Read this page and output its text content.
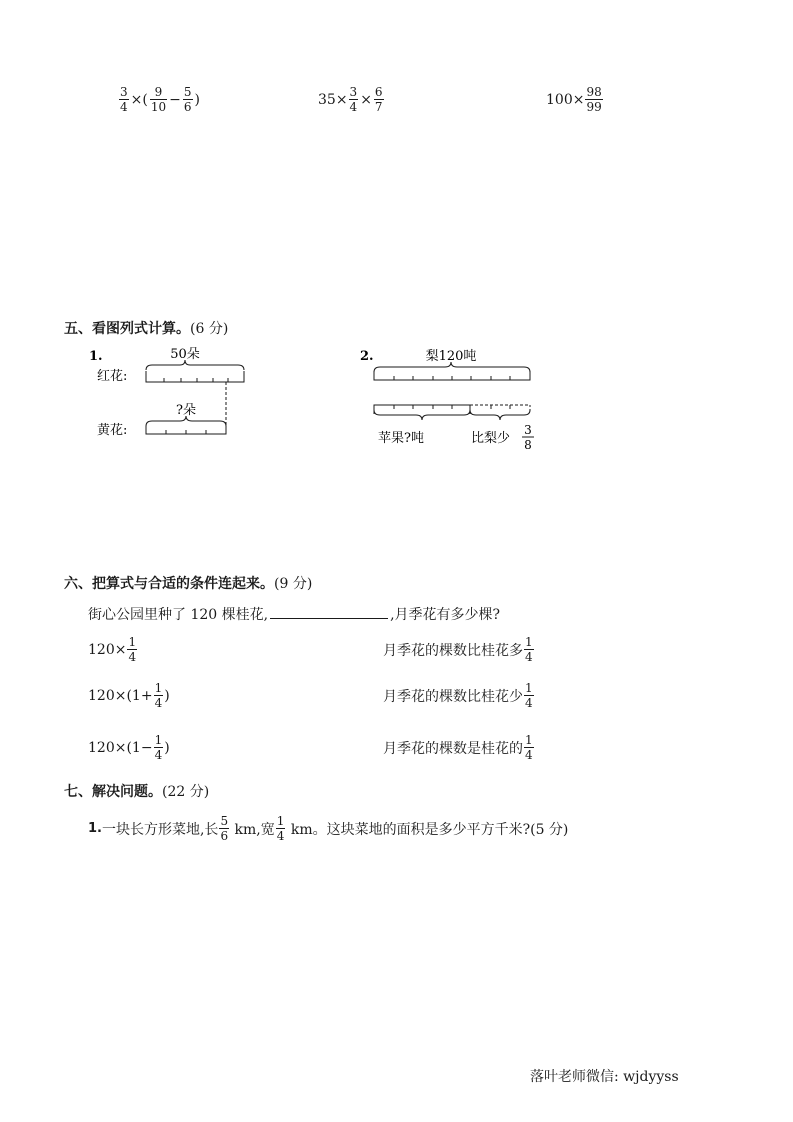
$\frac{3}{4}$ ×( $\frac{9}{10} - \frac{5}{6}$ )	$35\times \frac{3}{4} \times \frac{6}{7}$	$100\times \frac{98}{99}$
五、看图列式计算。(6 分)
1.	50朵
红花:
?朵
黄花:
2.	梨120吨
苹果?吨	比梨少
3
8
六、把算式与合适的条件连起来。(9 分)
街心公园里种了 120 棵桂花,	,月季花有多少棵?
$120\times \frac{1}{4}$
$120\times(1+ \frac{1}{4}$ )
$120\times(1- \frac{1}{4}$ )
月季花的棵数比桂花多 $\frac{1}{4}$
月季花的棵数比桂花少 $\frac{1}{4}$
月季花的棵数是桂花的 $\frac{1}{4}$
七、解决问题。(22 分)
1. 一块长方形菜地,长 $\frac{5}{6}$ km,宽 $\frac{1}{4}$ km。这块菜地的面积是多少平方千米?(5 分)
落叶老师微信: wjdyyss
